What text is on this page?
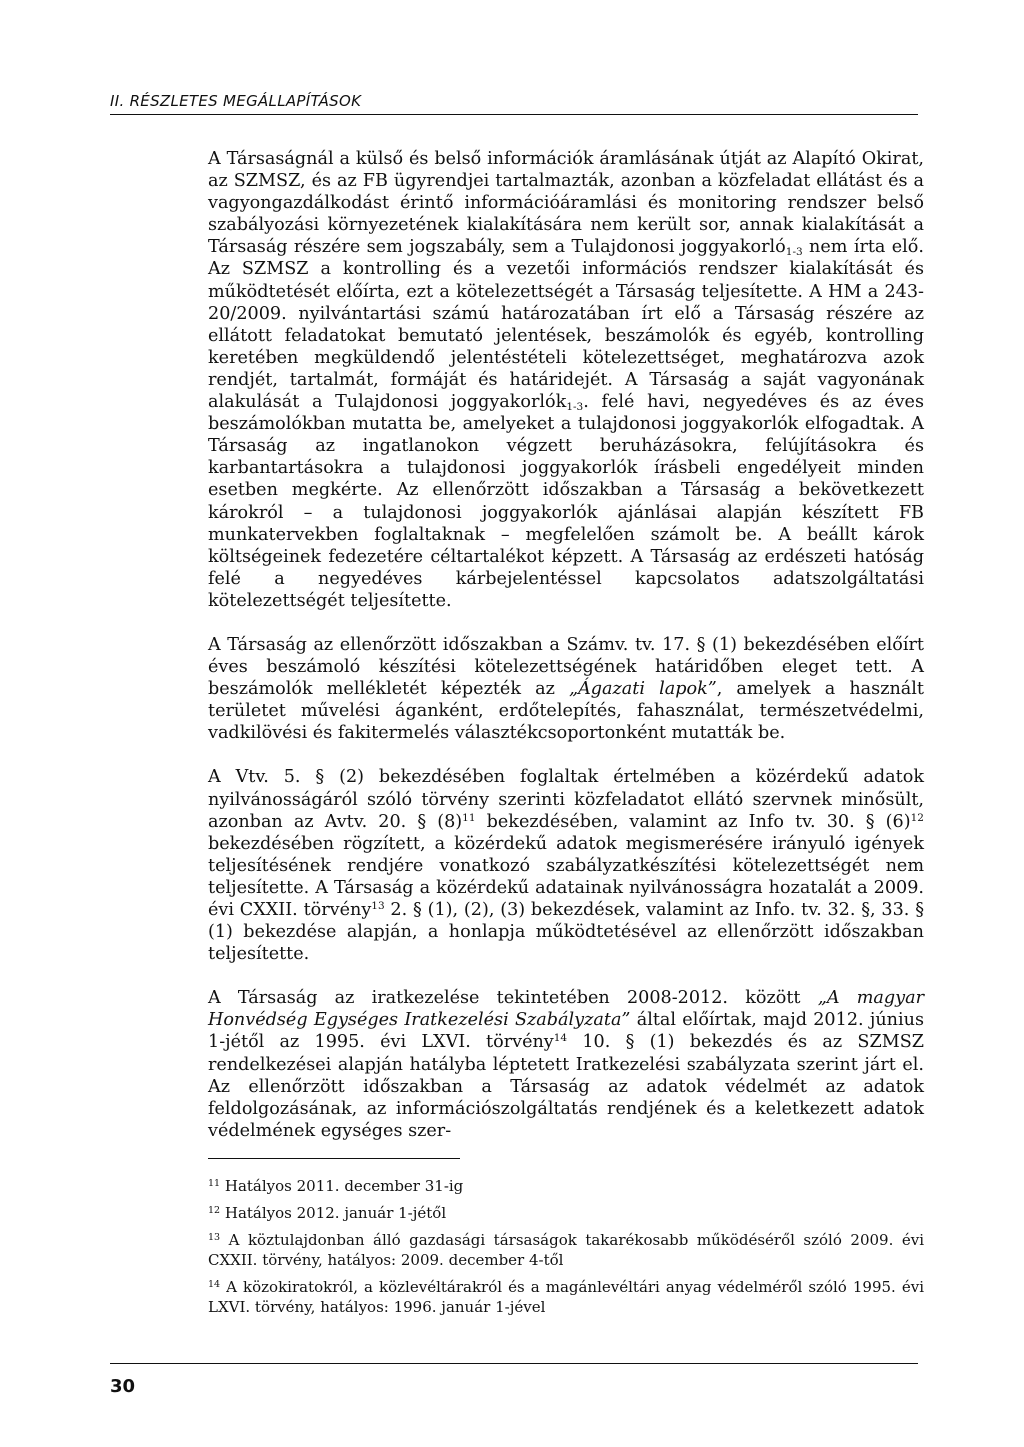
II. RÉSZLETES MEGÁLLAPÍTÁSOK

A Társaságnál a külső és belső információk áramlásának útját az Alapító Okirat, az SZMSZ, és az FB ügyrendjei tartalmazták, azonban a közfeladat ellátást és a vagyongazdálkodást érintő információáramlási és monitoring rendszer belső szabályozási környezetének kialakítására nem került sor, annak kialakítását a Társaság részére sem jogszabály, sem a Tulajdonosi joggyakorló$_{1-3}$ nem írta elő. Az SZMSZ a kontrolling és a vezetői információs rendszer kialakítását és működtetését előírta, ezt a kötelezettségét a Társaság teljesítette. A HM a 243-20/2009. nyilvántartási számú határozatában írt elő a Társaság részére az ellátott feladatokat bemutató jelentések, beszámolók és egyéb, kontrolling keretében megküldendő jelentéstételi kötelezettséget, meghatározva azok rendjét, tartalmát, formáját és határidejét. A Társaság a saját vagyonának alakulását a Tulajdonosi joggyakorlók$_{1-3}$. felé havi, negyedéves és az éves beszámolókban mutatta be, amelyeket a tulajdonosi joggyakorlók elfogadtak. A Társaság az ingatlanokon végzett beruházásokra, felújításokra és karbantartásokra a tulajdonosi joggyakorlók írásbeli engedélyeit minden esetben megkérte. Az ellenőrzött időszakban a Társaság a bekövetkezett károkról – a tulajdonosi joggyakorlók ajánlásai alapján készített FB munkatervekben foglaltaknak – megfelelően számolt be. A beállt károk költségeinek fedezetére céltartalékot képzett. A Társaság az erdészeti hatóság felé a negyedéves kárbejelentéssel kapcsolatos adatszolgáltatási kötelezettségét teljesítette.

A Társaság az ellenőrzött időszakban a Számv. tv. 17. § (1) bekezdésében előírt éves beszámoló készítési kötelezettségének határidőben eleget tett. A beszámolók mellékletét képezték az „Ágazati lapok”, amelyek a használt területet művelési áganként, erdőtelepítés, fahasználat, természetvédelmi, vadkilövési és fakitermelés választékcsoportonként mutatták be.

A Vtv. 5. § (2) bekezdésében foglaltak értelmében a közérdekű adatok nyilvánosságáról szóló törvény szerinti közfeladatot ellátó szervnek minősült, azonban az Avtv. 20. § $(8)^{11}$ bekezdésében, valamint az Info tv. 30. § $(6)^{12}$ bekezdésében rögzített, a közérdekű adatok megismerésére irányuló igények teljesítésének rendjére vonatkozó szabályzatkészítési kötelezettségét nem teljesítette. A Társaság a közérdekű adatainak nyilvánosságra hozatalát a 2009. évi CXXII. törvény$^{13}$ 2. § (1), (2), (3) bekezdések, valamint az Info. tv. 32. §, 33. § (1) bekezdése alapján, a honlapja működtetésével az ellenőrzött időszakban teljesítette.

A Társaság az iratkezelése tekintetében 2008-2012. között „A magyar Honvédség Egységes Iratkezelési Szabályzata” által előírtak, majd 2012. június 1-jétől az 1995. évi LXVI. törvény$^{14}$ 10. § (1) bekezdés és az SZMSZ rendelkezései alapján hatályba léptetett Iratkezelési szabályzata szerint járt el. Az ellenőrzött időszakban a Társaság az adatok védelmét az adatok feldolgozásának, az információszolgáltatás rendjének és a keletkezett adatok védelmének egységes szer-

$^{11}$ Hatályos 2011. december 31-ig

$^{12}$ Hatályos 2012. január 1-jétől

$^{13}$ A köztulajdonban álló gazdasági társaságok takarékosabb működéséről szóló 2009. évi CXXII. törvény, hatályos: 2009. december 4-től

$^{14}$ A közokiratokról, a közlevéltárakról és a magánlevéltári anyag védelméről szóló 1995. évi LXVI. törvény, hatályos: 1996. január 1-jével

30
